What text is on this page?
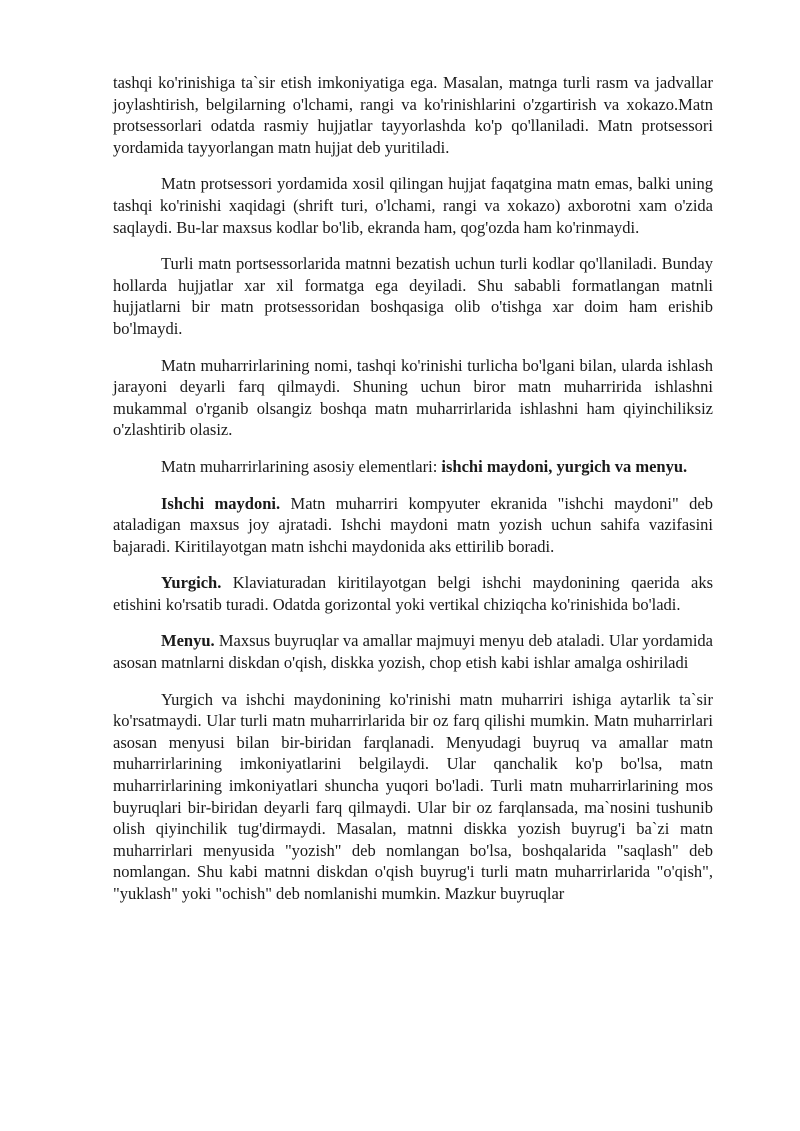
tashqi ko'rinishiga ta`sir etish imkoniyatiga ega. Masalan, matnga turli rasm va jadvallar joylashtirish, belgilarning o'lchami, rangi va ko'rinishlarini o'zgartirish va xokazo.Matn protsessorlari odatda rasmiy hujjatlar tayyorlashda ko'p qo'llaniladi. Matn protsessori yordamida tayyorlangan matn hujjat deb yuritiladi.

Matn protsessori yordamida xosil qilingan hujjat faqatgina matn emas, balki uning tashqi ko'rinishi xaqidagi (shrift turi, o'lchami, rangi va xokazo) axborotni xam o'zida saqlaydi. Bu-lar maxsus kodlar bo'lib, ekranda ham, qog'ozda ham ko'rinmaydi.

Turli matn portsessorlarida matnni bezatish uchun turli kodlar qo'llaniladi. Bunday hollarda hujjatlar xar xil formatga ega deyiladi. Shu sababli formatlangan matnli hujjatlarni bir matn protsessoridan boshqasiga olib o'tishga xar doim ham erishib bo'lmaydi.

Matn muharrirlarining nomi, tashqi ko'rinishi turlicha bo'lgani bilan, ularda ishlash jarayoni deyarli farq qilmaydi. Shuning uchun biror matn muharririda ishlashni mukammal o'rganib olsangiz boshqa matn muharrirlarida ishlashni ham qiyinchiliksiz o'zlashtirib olasiz.

Matn muharrirlarining asosiy elementlari: ishchi maydoni, yurgich va menyu.

Ishchi maydoni. Matn muharriri kompyuter ekranida "ishchi maydoni" deb ataladigan maxsus joy ajratadi. Ishchi maydoni matn yozish uchun sahifa vazifasini bajaradi. Kiritilayotgan matn ishchi maydonida aks ettirilib boradi.

Yurgich. Klaviaturadan kiritilayotgan belgi ishchi maydonining qaerida aks etishini ko'rsatib turadi. Odatda gorizontal yoki vertikal chiziqcha ko'rinishida bo'ladi.

Menyu. Maxsus buyruqlar va amallar majmuyi menyu deb ataladi. Ular yordamida asosan matnlarni diskdan o'qish, diskka yozish, chop etish kabi ishlar amalga oshiriladi

Yurgich va ishchi maydonining ko'rinishi matn muharriri ishiga aytarlik ta`sir ko'rsatmaydi. Ular turli matn muharrirlarida bir oz farq qilishi mumkin. Matn muharrirlari asosan menyusi bilan bir-biridan farqlanadi. Menyudagi buyruq va amallar matn muharrirlarining imkoniyatlarini belgilaydi. Ular qanchalik ko'p bo'lsa, matn muharrirlarining imkoniyatlari shuncha yuqori bo'ladi. Turli matn muharrirlarining mos buyruqlari bir-biridan deyarli farq qilmaydi. Ular bir oz farqlansada, ma`nosini tushunib olish qiyinchilik tug'dirmaydi. Masalan, matnni diskka yozish buyrug'i ba`zi matn muharrirlari menyusida "yozish" deb nomlangan bo'lsa, boshqalarida "saqlash" deb nomlangan. Shu kabi matnni diskdan o'qish buyrug'i turli matn muharrirlarida "o'qish", "yuklash" yoki "ochish" deb nomlanishi mumkin. Mazkur buyruqlar
